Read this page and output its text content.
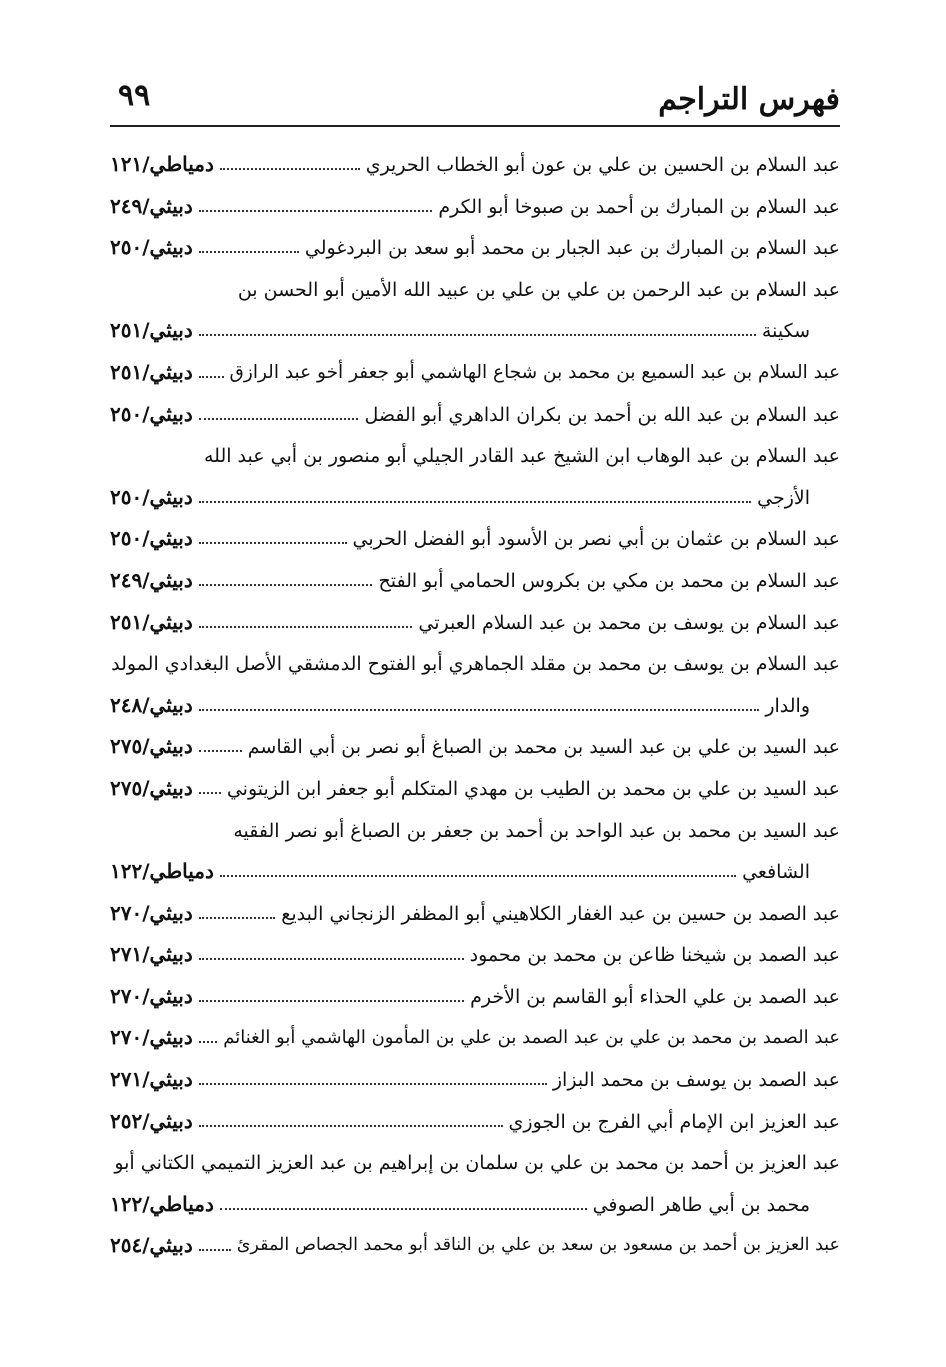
٩٩	فهرس التراجم
عبد السلام بن الحسين بن علي بن عون أبو الخطاب الحريري
دمياطي/١٢١
عبد السلام بن المبارك بن أحمد بن صبوخا أبو الكرم
دبيثي/٢٤٩
عبد السلام بن المبارك بن عبد الجبار بن محمد أبو سعد بن البردغولي
دبيثي/٢٥٠
عبد السلام بن عبد الرحمن بن علي بن علي بن عبيد الله الأمين أبو الحسن بن
سكينة
دبيثي/٢٥١
عبد السلام بن عبد السميع بن محمد بن شجاع الهاشمي أبو جعفر أخو عبد الرازق
دبيثي/٢٥١
عبد السلام بن عبد الله بن أحمد بن بكران الداهري أبو الفضل
دبيثي/٢٥٠
عبد السلام بن عبد الوهاب ابن الشيخ عبد القادر الجيلي أبو منصور بن أبي عبد الله
الأزجي
دبيثي/٢٥٠
عبد السلام بن عثمان بن أبي نصر بن الأسود أبو الفضل الحربي
دبيثي/٢٥٠
عبد السلام بن محمد بن مكي بن بكروس الحمامي أبو الفتح
دبيثي/٢٤٩
عبد السلام بن يوسف بن محمد بن عبد السلام العبرتي
دبيثي/٢٥١
عبد السلام بن يوسف بن محمد بن مقلد الجماهري أبو الفتوح الدمشقي الأصل البغدادي المولد
والدار
دبيثي/٢٤٨
عبد السيد بن علي بن عبد السيد بن محمد بن الصباغ أبو نصر بن أبي القاسم
دبيثي/٢٧٥
عبد السيد بن علي بن محمد بن الطيب بن مهدي المتكلم أبو جعفر ابن الزيتوني
دبيثي/٢٧٥
عبد السيد بن محمد بن عبد الواحد بن أحمد بن جعفر بن الصباغ أبو نصر الفقيه
الشافعي
دمياطي/١٢٢
عبد الصمد بن حسين بن عبد الغفار الكلاهيني أبو المظفر الزنجاني البديع
دبيثي/٢٧٠
عبد الصمد بن شيخنا ظاعن بن محمد بن محمود
دبيثي/٢٧١
عبد الصمد بن علي الحذاء أبو القاسم بن الأخرم
دبيثي/٢٧٠
عبد الصمد بن محمد بن علي بن عبد الصمد بن علي بن المأمون الهاشمي أبو الغنائم
دبيثي/٢٧٠
عبد الصمد بن يوسف بن محمد البزاز
دبيثي/٢٧١
عبد العزيز ابن الإمام أبي الفرج بن الجوزي
دبيثي/٢٥٢
عبد العزيز بن أحمد بن محمد بن علي بن سلمان بن إبراهيم بن عبد العزيز التميمي الكتاني أبو
محمد بن أبي طاهر الصوفي
دمياطي/١٢٢
عبد العزيز بن أحمد بن مسعود بن سعد بن علي بن الناقد أبو محمد الجصاص المقرئ
دبيثي/٢٥٤
